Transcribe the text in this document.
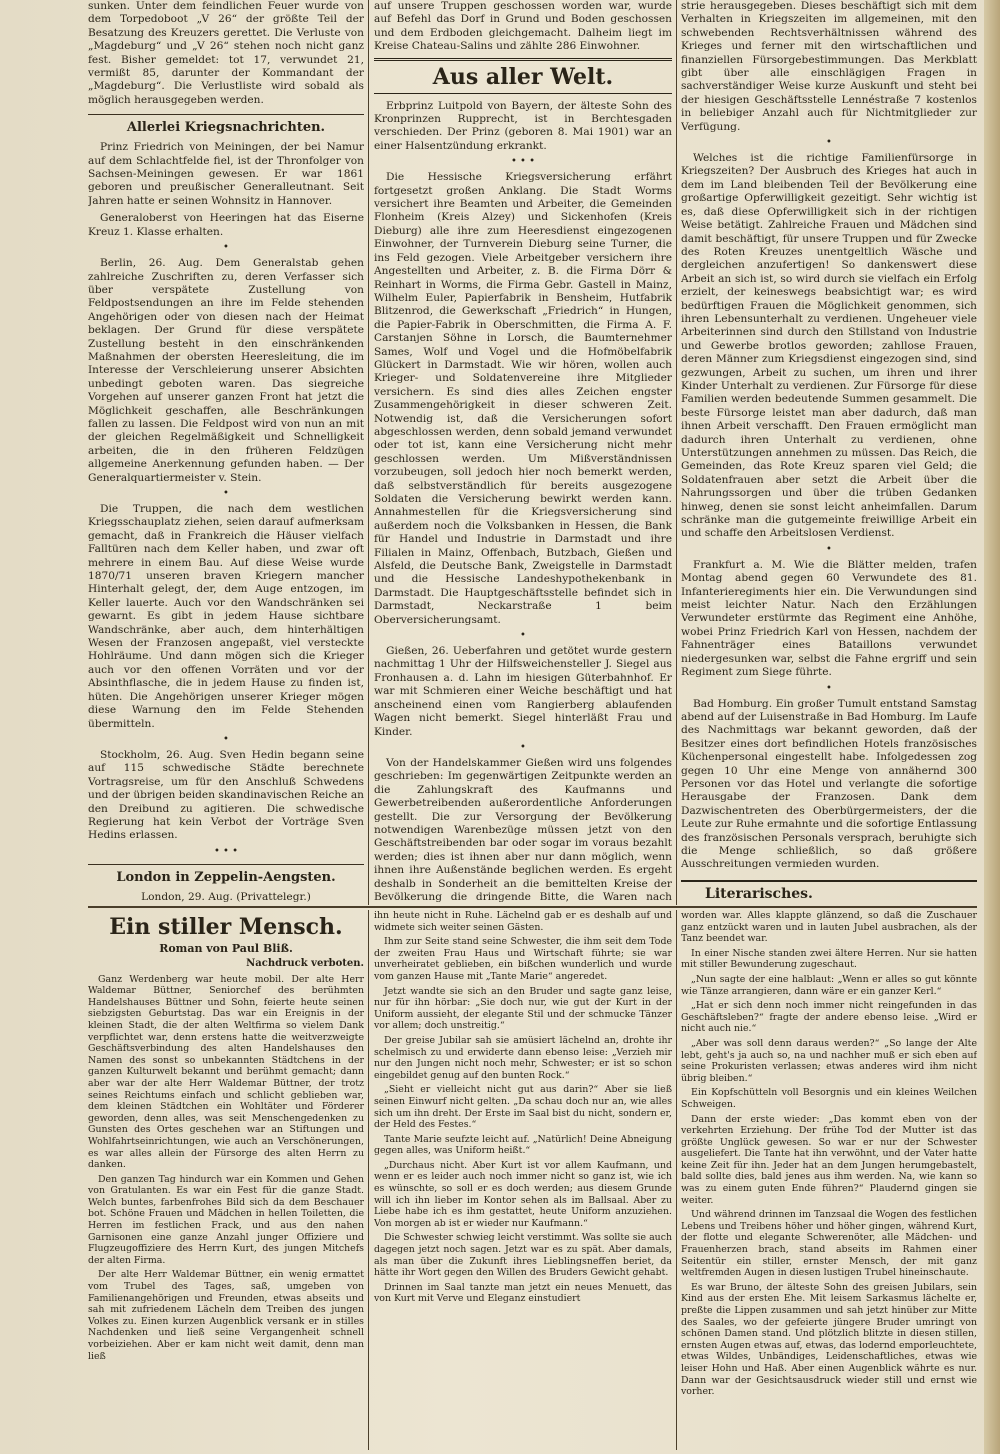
sunken. Unter dem feindlichen Feuer wurde von dem Torpedoboot „V 26“ der größte Teil der Besatzung des Kreuzers gerettet. Die Verluste von „Magdeburg“ und „V 26“ stehen noch nicht ganz fest. Bisher gemeldet: tot 17, verwundet 21, vermißt 85, darunter der Kommandant der „Magdeburg“. Die Verlustliste wird sobald als möglich herausgegeben werden.

Allerlei Kriegsnachrichten.

Prinz Friedrich von Meiningen, der bei Namur auf dem Schlachtfelde fiel, ist der Thronfolger von Sachsen-Meiningen gewesen. Er war 1861 geboren und preußischer Generalleutnant. Seit Jahren hatte er seinen Wohnsitz in Hannover.

Generaloberst von Heeringen hat das Eiserne Kreuz 1. Klasse erhalten.

•

Berlin, 26. Aug. Dem Generalstab gehen zahlreiche Zuschriften zu, deren Verfasser sich über verspätete Zustellung von Feldpostsendungen an ihre im Felde stehenden Angehörigen oder von diesen nach der Heimat beklagen. Der Grund für diese verspätete Zustellung besteht in den einschränkenden Maßnahmen der obersten Heeresleitung, die im Interesse der Verschleierung unserer Absichten unbedingt geboten waren. Das siegreiche Vorgehen auf unserer ganzen Front hat jetzt die Möglichkeit geschaffen, alle Beschränkungen fallen zu lassen. Die Feldpost wird von nun an mit der gleichen Regelmäßigkeit und Schnelligkeit arbeiten, die in den früheren Feldzügen allgemeine Anerkennung gefunden haben. — Der Generalquartiermeister v. Stein.

•

Die Truppen, die nach dem westlichen Kriegsschauplatz ziehen, seien darauf aufmerksam gemacht, daß in Frankreich die Häuser vielfach Falltüren nach dem Keller haben, und zwar oft mehrere in einem Bau. Auf diese Weise wurde 1870/71 unseren braven Kriegern mancher Hinterhalt gelegt, der, dem Auge entzogen, im Keller lauerte. Auch vor den Wandschränken sei gewarnt. Es gibt in jedem Hause sichtbare Wandschränke, aber auch, dem hinterhältigen Wesen der Franzosen angepaßt, viel versteckte Hohlräume. Und dann mögen sich die Krieger auch vor den offenen Vorräten und vor der Absinthflasche, die in jedem Hause zu finden ist, hüten. Die Angehörigen unserer Krieger mögen diese Warnung den im Felde Stehenden übermitteln.

•

Stockholm, 26. Aug. Sven Hedin begann seine auf 115 schwedische Städte berechnete Vortragsreise, um für den Anschluß Schwedens und der übrigen beiden skandinavischen Reiche an den Dreibund zu agitieren. Die schwedische Regierung hat kein Verbot der Vorträge Sven Hedins erlassen.

• • •
London in Zeppelin-Aengsten.

London, 29. Aug. (Privattelegr.)

auf unsere Truppen geschossen worden war, wurde auf Befehl das Dorf in Grund und Boden geschossen und dem Erdboden gleichgemacht. Dalheim liegt im Kreise Chateau-Salins und zählte 286 Einwohner.

Aus aller Welt.

Erbprinz Luitpold von Bayern, der älteste Sohn des Kronprinzen Rupprecht, ist in Berchtesgaden verschieden. Der Prinz (geboren 8. Mai 1901) war an einer Halsentzündung erkrankt.

• • •

Die Hessische Kriegsversicherung erfährt fortgesetzt großen Anklang. Die Stadt Worms versichert ihre Beamten und Arbeiter, die Gemeinden Flonheim (Kreis Alzey) und Sickenhofen (Kreis Dieburg) alle ihre zum Heeresdienst eingezogenen Einwohner, der Turnverein Dieburg seine Turner, die ins Feld gezogen. Viele Arbeitgeber versichern ihre Angestellten und Arbeiter, z. B. die Firma Dörr & Reinhart in Worms, die Firma Gebr. Gastell in Mainz, Wilhelm Euler, Papierfabrik in Bensheim, Hutfabrik Blitzenrod, die Gewerkschaft „Friedrich“ in Hungen, die Papier-Fabrik in Oberschmitten, die Firma A. F. Carstanjen Söhne in Lorsch, die Baumternehmer Sames, Wolf und Vogel und die Hofmöbelfabrik Glückert in Darmstadt. Wie wir hören, wollen auch Krieger- und Soldatenvereine ihre Mitglieder versichern. Es sind dies alles Zeichen engster Zusammengehörigkeit in dieser schweren Zeit. Notwendig ist, daß die Versicherungen sofort abgeschlossen werden, denn sobald jemand verwundet oder tot ist, kann eine Versicherung nicht mehr geschlossen werden. Um Mißverständnissen vorzubeugen, soll jedoch hier noch bemerkt werden, daß selbstverständlich für bereits ausgezogene Soldaten die Versicherung bewirkt werden kann. Annahmestellen für die Kriegsversicherung sind außerdem noch die Volksbanken in Hessen, die Bank für Handel und Industrie in Darmstadt und ihre Filialen in Mainz, Offenbach, Butzbach, Gießen und Alsfeld, die Deutsche Bank, Zweigstelle in Darmstadt und die Hessische Landeshypothekenbank in Darmstadt. Die Hauptgeschäftsstelle befindet sich in Darmstadt, Neckarstraße 1 beim Oberversicherungsamt.

•

Gießen, 26. Ueberfahren und getötet wurde gestern nachmittag 1 Uhr der Hilfsweichensteller J. Siegel aus Fronhausen a. d. Lahn im hiesigen Güterbahnhof. Er war mit Schmieren einer Weiche beschäftigt und hat anscheinend einen vom Rangierberg ablaufenden Wagen nicht bemerkt. Siegel hinterläßt Frau und Kinder.

•

Von der Handelskammer Gießen wird uns folgendes geschrieben: Im gegenwärtigen Zeitpunkte werden an die Zahlungskraft des Kaufmanns und Gewerbetreibenden außerordentliche Anforderungen gestellt. Die zur Versorgung der Bevölkerung notwendigen Warenbezüge müssen jetzt von den Geschäftstreibenden bar oder sogar im voraus bezahlt werden; dies ist ihnen aber nur dann möglich, wenn ihnen ihre Außenstände beglichen werden. Es ergeht deshalb in Sonderheit an die bemittelten Kreise der Bevölkerung die dringende Bitte, die Waren nach

strie herausgegeben. Dieses beschäftigt sich mit dem Verhalten in Kriegszeiten im allgemeinen, mit den schwebenden Rechtsverhältnissen während des Krieges und ferner mit den wirtschaftlichen und finanziellen Fürsorgebestimmungen. Das Merkblatt gibt über alle einschlägigen Fragen in sachverständiger Weise kurze Auskunft und steht bei der hiesigen Geschäftsstelle Lennéstraße 7 kostenlos in beliebiger Anzahl auch für Nichtmitglieder zur Verfügung.

•

Welches ist die richtige Familienfürsorge in Kriegszeiten? Der Ausbruch des Krieges hat auch in dem im Land bleibenden Teil der Bevölkerung eine großartige Opferwilligkeit gezeitigt. Sehr wichtig ist es, daß diese Opferwilligkeit sich in der richtigen Weise betätigt. Zahlreiche Frauen und Mädchen sind damit beschäftigt, für unsere Truppen und für Zwecke des Roten Kreuzes unentgeltlich Wäsche und dergleichen anzufertigen! So dankenswert diese Arbeit an sich ist, so wird durch sie vielfach ein Erfolg erzielt, der keineswegs beabsichtigt war; es wird bedürftigen Frauen die Möglichkeit genommen, sich ihren Lebensunterhalt zu verdienen. Ungeheuer viele Arbeiterinnen sind durch den Stillstand von Industrie und Gewerbe brotlos geworden; zahllose Frauen, deren Männer zum Kriegsdienst eingezogen sind, sind gezwungen, Arbeit zu suchen, um ihren und ihrer Kinder Unterhalt zu verdienen. Zur Fürsorge für diese Familien werden bedeutende Summen gesammelt. Die beste Fürsorge leistet man aber dadurch, daß man ihnen Arbeit verschafft. Den Frauen ermöglicht man dadurch ihren Unterhalt zu verdienen, ohne Unterstützungen annehmen zu müssen. Das Reich, die Gemeinden, das Rote Kreuz sparen viel Geld; die Soldatenfrauen aber setzt die Arbeit über die Nahrungssorgen und über die trüben Gedanken hinweg, denen sie sonst leicht anheimfallen. Darum schränke man die gutgemeinte freiwillige Arbeit ein und schaffe den Arbeitslosen Verdienst.

•

Frankfurt a. M. Wie die Blätter melden, trafen Montag abend gegen 60 Verwundete des 81. Infanterieregiments hier ein. Die Verwundungen sind meist leichter Natur. Nach den Erzählungen Verwundeter erstürmte das Regiment eine Anhöhe, wobei Prinz Friedrich Karl von Hessen, nachdem der Fahnenträger eines Bataillons verwundet niedergesunken war, selbst die Fahne ergriff und sein Regiment zum Siege führte.

•

Bad Homburg. Ein großer Tumult entstand Samstag abend auf der Luisenstraße in Bad Homburg. Im Laufe des Nachmittags war bekannt geworden, daß der Besitzer eines dort befindlichen Hotels französisches Küchenpersonal eingestellt habe. Infolgedessen zog gegen 10 Uhr eine Menge von annähernd 300 Personen vor das Hotel und verlangte die sofortige Herausgabe der Franzosen. Dank dem Dazwischentreten des Oberbürgermeisters, der die Leute zur Ruhe ermahnte und die sofortige Entlassung des französischen Personals versprach, beruhigte sich die Menge schließlich, so daß größere Ausschreitungen vermieden wurden.

Literarisches.

Ein stiller Mensch.
Roman von Paul Bliß.
Nachdruck verboten.

Ganz Werdenberg war heute mobil. Der alte Herr Waldemar Büttner, Seniorchef des berühmten Handelshauses Büttner und Sohn, feierte heute seinen siebzigsten Geburtstag. Das war ein Ereignis in der kleinen Stadt, die der alten Weltfirma so vielem Dank verpflichtet war, denn erstens hatte die weitverzweigte Geschäftsverbindung des alten Handelshauses den Namen des sonst so unbekannten Städtchens in der ganzen Kulturwelt bekannt und berühmt gemacht; dann aber war der alte Herr Waldemar Büttner, der trotz seines Reichtums einfach und schlicht geblieben war, dem kleinen Städtchen ein Wohltäter und Förderer geworden, denn alles, was seit Menschengedenken zu Gunsten des Ortes geschehen war an Stiftungen und Wohlfahrtseinrichtungen, wie auch an Verschönerungen, es war alles allein der Fürsorge des alten Herrn zu danken.

Den ganzen Tag hindurch war ein Kommen und Gehen von Gratulanten. Es war ein Fest für die ganze Stadt. Welch buntes, farbenfrohes Bild sich da dem Beschauer bot. Schöne Frauen und Mädchen in hellen Toiletten, die Herren im festlichen Frack, und aus den nahen Garnisonen eine ganze Anzahl junger Offiziere und Flugzeugoffiziere des Herrn Kurt, des jungen Mitchefs der alten Firma.

Der alte Herr Waldemar Büttner, ein wenig ermattet vom Trubel des Tages, saß, umgeben von Familienangehörigen und Freunden, etwas abseits und sah mit zufriedenem Lächeln dem Treiben des jungen Volkes zu. Einen kurzen Augenblick versank er in stilles Nachdenken und ließ seine Vergangenheit schnell vorbeiziehen. Aber er kam nicht weit damit, denn man ließ

ihn heute nicht in Ruhe. Lächelnd gab er es deshalb auf und widmete sich weiter seinen Gästen.

Ihm zur Seite stand seine Schwester, die ihm seit dem Tode der zweiten Frau Haus und Wirtschaft führte; sie war unverheiratet geblieben, ein bißchen wunderlich und wurde vom ganzen Hause mit „Tante Marie“ angeredet.

Jetzt wandte sie sich an den Bruder und sagte ganz leise, nur für ihn hörbar: „Sie doch nur, wie gut der Kurt in der Uniform aussieht, der elegante Stil und der schmucke Tänzer vor allem; doch unstreitig.“

Der greise Jubilar sah sie amüsiert lächelnd an, drohte ihr schelmisch zu und erwiderte dann ebenso leise: „Verzieh mir nur den Jungen nicht noch mehr, Schwester; er ist so schon eingebildet genug auf den bunten Rock.“

„Sieht er vielleicht nicht gut aus darin?“ Aber sie ließ seinen Einwurf nicht gelten. „Da schau doch nur an, wie alles sich um ihn dreht. Der Erste im Saal bist du nicht, sondern er, der Held des Festes.“

Tante Marie seufzte leicht auf. „Natürlich! Deine Abneigung gegen alles, was Uniform heißt.“

„Durchaus nicht. Aber Kurt ist vor allem Kaufmann, und wenn er es leider auch noch immer nicht so ganz ist, wie ich es wünschte, so soll er es doch werden; aus diesem Grunde will ich ihn lieber im Kontor sehen als im Ballsaal. Aber zu Liebe habe ich es ihm gestattet, heute Uniform anzuziehen. Von morgen ab ist er wieder nur Kaufmann.“

Die Schwester schwieg leicht verstimmt. Was sollte sie auch dagegen jetzt noch sagen. Jetzt war es zu spät. Aber damals, als man über die Zukunft ihres Lieblingsneffen beriet, da hätte ihr Wort gegen den Willen des Bruders Gewicht gehabt.

Drinnen im Saal tanzte man jetzt ein neues Menuett, das von Kurt mit Verve und Eleganz einstudiert

worden war. Alles klappte glänzend, so daß die Zuschauer ganz entzückt waren und in lauten Jubel ausbrachen, als der Tanz beendet war.

In einer Nische standen zwei ältere Herren. Nur sie hatten mit stiller Bewunderung zugeschaut.

„Nun sagte der eine halblaut: „Wenn er alles so gut könnte wie Tänze arrangieren, dann wäre er ein ganzer Kerl.“

„Hat er sich denn noch immer nicht reingefunden in das Geschäftsleben?“ fragte der andere ebenso leise. „Wird er nicht auch nie.“

„Aber was soll denn daraus werden?“ „So lange der Alte lebt, geht's ja auch so, na und nachher muß er sich eben auf seine Prokuristen verlassen; etwas anderes wird ihm nicht übrig bleiben.“

Ein Kopfschütteln voll Besorgnis und ein kleines Weilchen Schweigen.

Dann der erste wieder: „Das kommt eben von der verkehrten Erziehung. Der frühe Tod der Mutter ist das größte Unglück gewesen. So war er nur der Schwester ausgeliefert. Die Tante hat ihn verwöhnt, und der Vater hatte keine Zeit für ihn. Jeder hat an dem Jungen herumgebastelt, bald sollte dies, bald jenes aus ihm werden. Na, wie kann so was zu einem guten Ende führen?“ Plaudernd gingen sie weiter.

Und während drinnen im Tanzsaal die Wogen des festlichen Lebens und Treibens höher und höher gingen, während Kurt, der flotte und elegante Schwerenöter, alle Mädchen- und Frauenherzen brach, stand abseits im Rahmen einer Seitentür ein stiller, ernster Mensch, der mit ganz weltfremden Augen in diesen lustigen Trubel hineinschaute.

Es war Bruno, der älteste Sohn des greisen Jubilars, sein Kind aus der ersten Ehe. Mit leisem Sarkasmus lächelte er, preßte die Lippen zusammen und sah jetzt hinüber zur Mitte des Saales, wo der gefeierte jüngere Bruder umringt von schönen Damen stand. Und plötzlich blitzte in diesen stillen, ernsten Augen etwas auf, etwas, das lodernd emporleuchtete, etwas Wildes, Unbändiges, Leidenschaftliches, etwas wie leiser Hohn und Haß. Aber einen Augenblick währte es nur. Dann war der Gesichtsausdruck wieder still und ernst wie vorher.
